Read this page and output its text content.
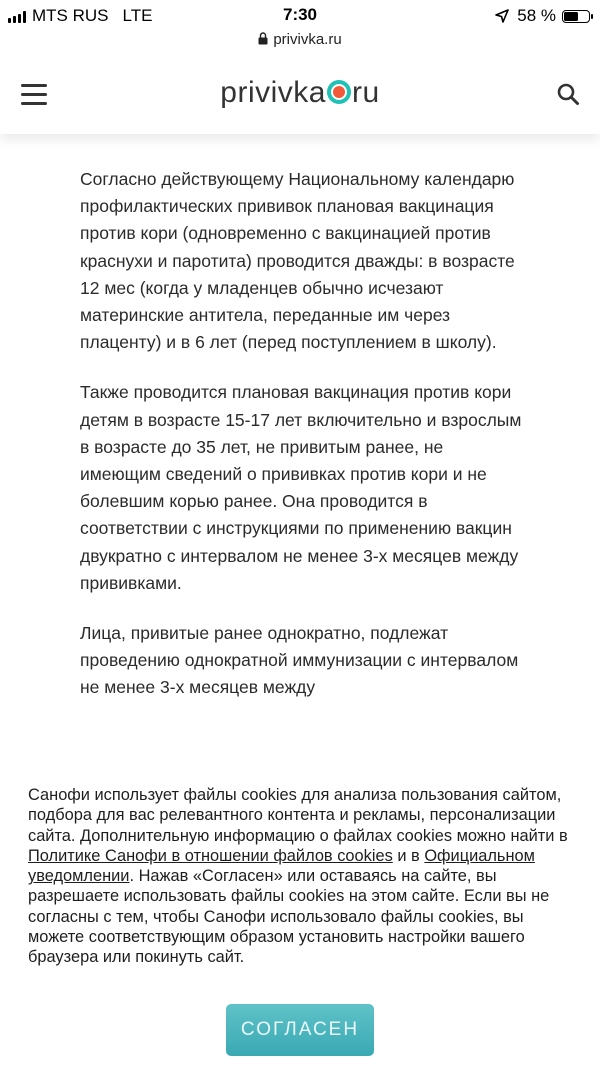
MTS RUS LTE	7:30	58 %
privivka.ru
privivka ru

Согласно действующему Национальному календарю профилактических прививок плановая вакцинация против кори (одновременно с вакцинацией против краснухи и паротита) проводится дважды: в возрасте 12 мес (когда у младенцев обычно исчезают материнские антитела, переданные им через плаценту) и в 6 лет (перед поступлением в школу).

Также проводится плановая вакцинация против кори детям в возрасте 15-17 лет включительно и взрослым в возрасте до 35 лет, не привитым ранее, не имеющим сведений о прививках против кори и не болевшим корью ранее. Она проводится в соответствии с инструкциями по применению вакцин двукратно с интервалом не менее 3-х месяцев между прививками.

Лица, привитые ранее однократно, подлежат проведению однократной иммунизации с интервалом не менее 3-х месяцев между

Санофи использует файлы cookies для анализа пользования сайтом, подбора для вас релевантного контента и рекламы, персонализации сайта. Дополнительную информацию о файлах cookies можно найти в Политике Санофи в отношении файлов cookies и в Официальном уведомлении. Нажав «Согласен» или оставаясь на сайте, вы разрешаете использовать файлы cookies на этом сайте. Если вы не согласны с тем, чтобы Санофи использовало файлы cookies, вы можете соответствующим образом установить настройки вашего браузера или покинуть сайт.
СОГЛАСЕН
